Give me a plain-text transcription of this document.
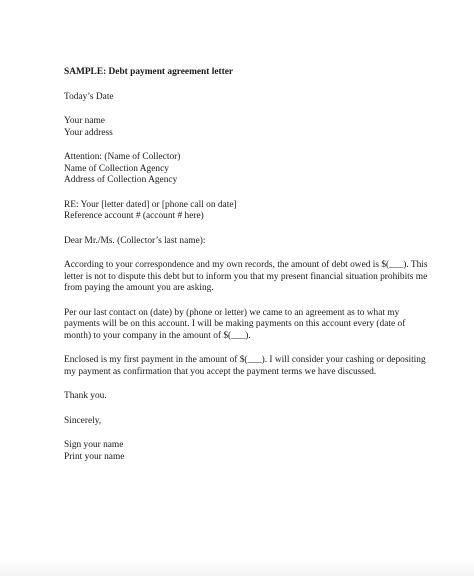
SAMPLE: Debt payment agreement letter

Today’s Date

Your name
Your address
Attention: (Name of Collector)
Name of Collection Agency
Address of Collection Agency
RE: Your [letter dated] or [phone call on date]
Reference account # (account # here)

Dear Mr./Ms. (Collector’s last name):

According to your correspondence and my own records, the amount of debt owed is $(___). This
letter is not to dispute this debt but to inform you that my present financial situation prohibits me
from paying the amount you are asking.
Per our last contact on (date) by (phone or letter) we came to an agreement as to what my
payments will be on this account. I will be making payments on this account every (date of
month) to your company in the amount of $(___).
Enclosed is my first payment in the amount of $(___). I will consider your cashing or depositing
my payment as confirmation that you accept the payment terms we have discussed.

Thank you.

Sincerely,

Sign your name
Print your name
